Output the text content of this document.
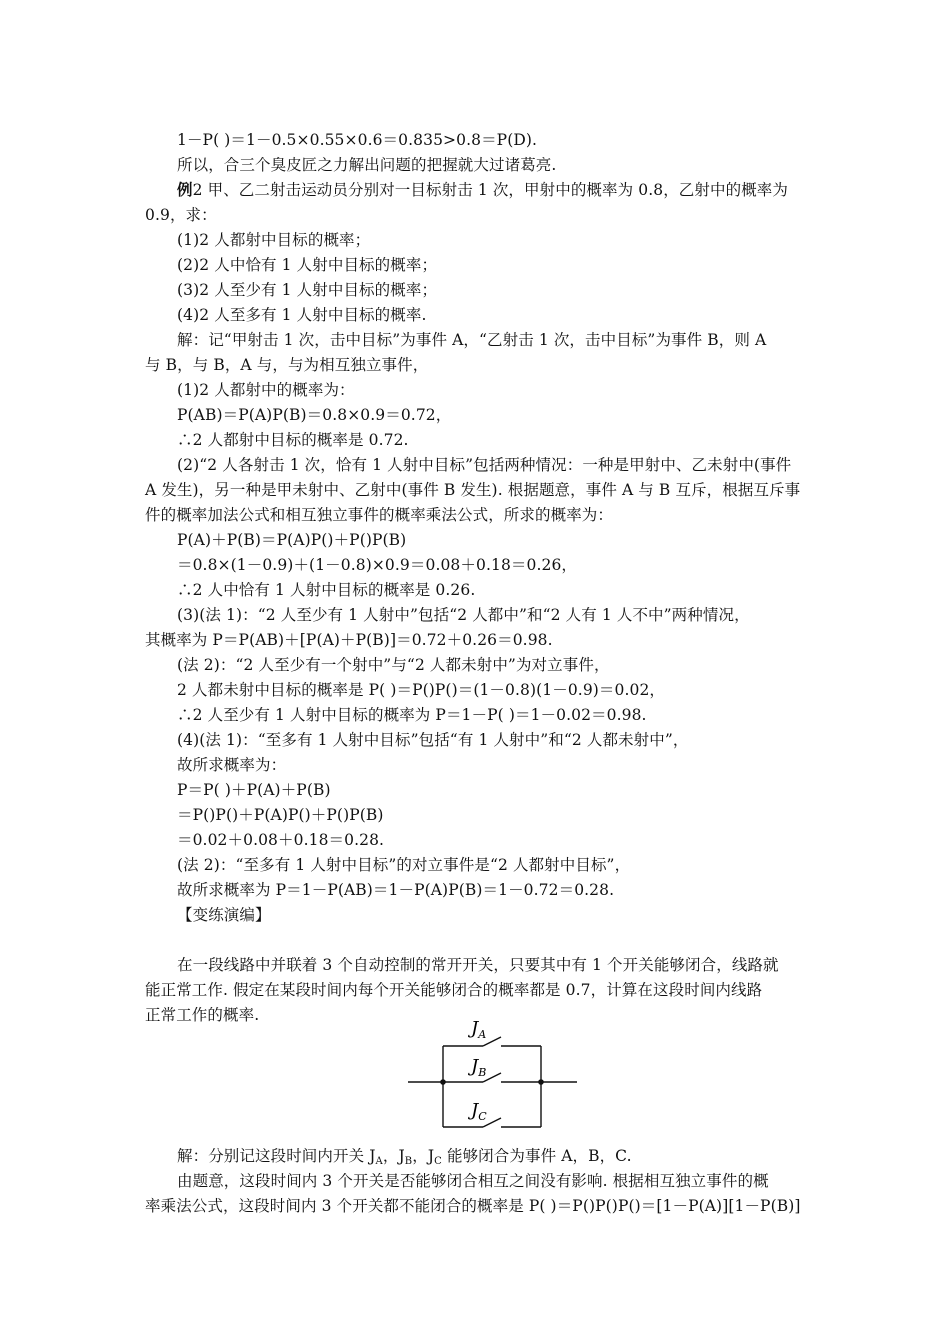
1－P( )＝1－0.5×0.55×0.6＝0.835>0.8＝P(D).
所以，合三个臭皮匠之力解出问题的把握就大过诸葛亮.
例2 甲、乙二射击运动员分别对一目标射击 1 次，甲射中的概率为 0.8，乙射中的概率为
0.9，求：
(1)2 人都射中目标的概率；
(2)2 人中恰有 1 人射中目标的概率；
(3)2 人至少有 1 人射中目标的概率；
(4)2 人至多有 1 人射中目标的概率.
解：记“甲射击 1 次，击中目标”为事件 A，“乙射击 1 次，击中目标”为事件 B，则 A
与 B，与 B，A 与，与为相互独立事件，
(1)2 人都射中的概率为：
P(AB)＝P(A)P(B)＝0.8×0.9＝0.72，
∴2 人都射中目标的概率是 0.72.
(2)“2 人各射击 1 次，恰有 1 人射中目标”包括两种情况：一种是甲射中、乙未射中(事件
A 发生)，另一种是甲未射中、乙射中(事件 B 发生). 根据题意，事件 A 与 B 互斥，根据互斥事
件的概率加法公式和相互独立事件的概率乘法公式，所求的概率为：
P(A)＋P(B)＝P(A)P()＋P()P(B)
＝0.8×(1－0.9)＋(1－0.8)×0.9＝0.08＋0.18＝0.26，
∴2 人中恰有 1 人射中目标的概率是 0.26.
(3)(法 1)：“2 人至少有 1 人射中”包括“2 人都中”和“2 人有 1 人不中”两种情况，
其概率为 P＝P(AB)＋[P(A)＋P(B)]＝0.72＋0.26＝0.98.
(法 2)：“2 人至少有一个射中”与“2 人都未射中”为对立事件，
2 人都未射中目标的概率是 P( )＝P()P()＝(1－0.8)(1－0.9)＝0.02，
∴2 人至少有 1 人射中目标的概率为 P＝1－P( )＝1－0.02＝0.98.
(4)(法 1)：“至多有 1 人射中目标”包括“有 1 人射中”和“2 人都未射中”，
故所求概率为：
P＝P( )＋P(A)＋P(B)
＝P()P()＋P(A)P()＋P()P(B)
＝0.02＋0.08＋0.18＝0.28.
(法 2)：“至多有 1 人射中目标”的对立事件是“2 人都射中目标”，
故所求概率为 P＝1－P(AB)＝1－P(A)P(B)＝1－0.72＝0.28.
【变练演编】
在一段线路中并联着 3 个自动控制的常开开关，只要其中有 1 个开关能够闭合，线路就
能正常工作. 假定在某段时间内每个开关能够闭合的概率都是 0.7，计算在这段时间内线路
正常工作的概率.
$J_A$
$J_B$
$J_C$
解：分别记这段时间内开关 $J_A$，$J_B$，$J_C$ 能够闭合为事件 A，B，C.
由题意，这段时间内 3 个开关是否能够闭合相互之间没有影响. 根据相互独立事件的概
率乘法公式，这段时间内 3 个开关都不能闭合的概率是 P( )＝P()P()P()＝[1－P(A)][1－P(B)]
